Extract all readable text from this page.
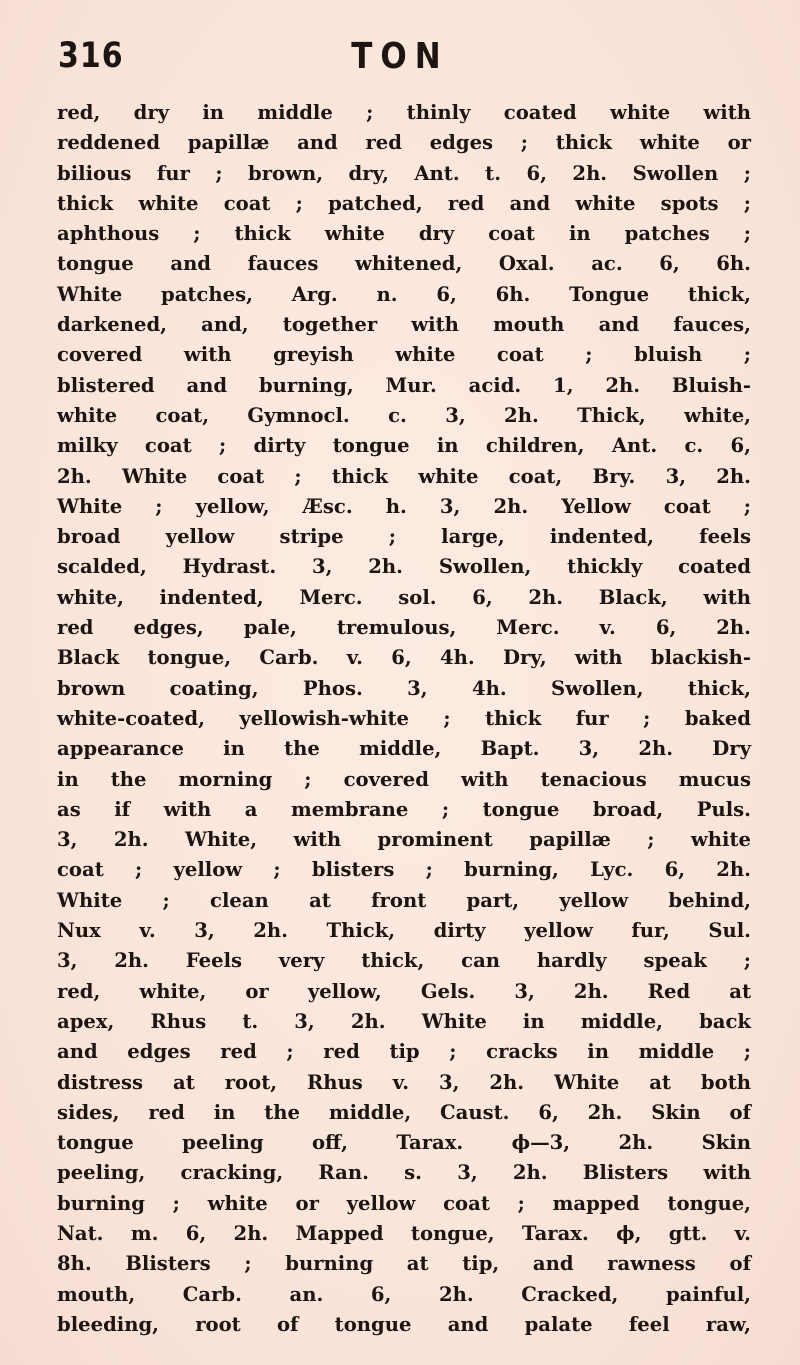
316	TON
red, dry in middle ; thinly coated white with
reddened papillæ and red edges ; thick white or
bilious fur ; brown, dry, Ant. t. 6, 2h. Swollen ;
thick white coat ; patched, red and white spots ;
aphthous ; thick white dry coat in patches ;
tongue and fauces whitened, Oxal. ac. 6, 6h.
White patches, Arg. n. 6, 6h. Tongue thick,
darkened, and, together with mouth and fauces,
covered with greyish white coat ; bluish ;
blistered and burning, Mur. acid. 1, 2h. Bluish-
white coat, Gymnocl. c. 3, 2h. Thick, white,
milky coat ; dirty tongue in children, Ant. c. 6,
2h. White coat ; thick white coat, Bry. 3, 2h.
White ; yellow, Æsc. h. 3, 2h. Yellow coat ;
broad yellow stripe ; large, indented, feels
scalded, Hydrast. 3, 2h. Swollen, thickly coated
white, indented, Merc. sol. 6, 2h. Black, with
red edges, pale, tremulous, Merc. v. 6, 2h.
Black tongue, Carb. v. 6, 4h. Dry, with blackish-
brown coating, Phos. 3, 4h. Swollen, thick,
white-coated, yellowish-white ; thick fur ; baked
appearance in the middle, Bapt. 3, 2h. Dry
in the morning ; covered with tenacious mucus
as if with a membrane ; tongue broad, Puls.
3, 2h. White, with prominent papillæ ; white
coat ; yellow ; blisters ; burning, Lyc. 6, 2h.
White ; clean at front part, yellow behind,
Nux v. 3, 2h. Thick, dirty yellow fur, Sul.
3, 2h. Feels very thick, can hardly speak ;
red, white, or yellow, Gels. 3, 2h. Red at
apex, Rhus t. 3, 2h. White in middle, back
and edges red ; red tip ; cracks in middle ;
distress at root, Rhus v. 3, 2h. White at both
sides, red in the middle, Caust. 6, 2h. Skin of
tongue peeling off, Tarax. ϕ—3, 2h. Skin
peeling, cracking, Ran. s. 3, 2h. Blisters with
burning ; white or yellow coat ; mapped tongue,
Nat. m. 6, 2h. Mapped tongue, Tarax. ϕ, gtt. v.
8h. Blisters ; burning at tip, and rawness of
mouth, Carb. an. 6, 2h. Cracked, painful,
bleeding, root of tongue and palate feel raw,
